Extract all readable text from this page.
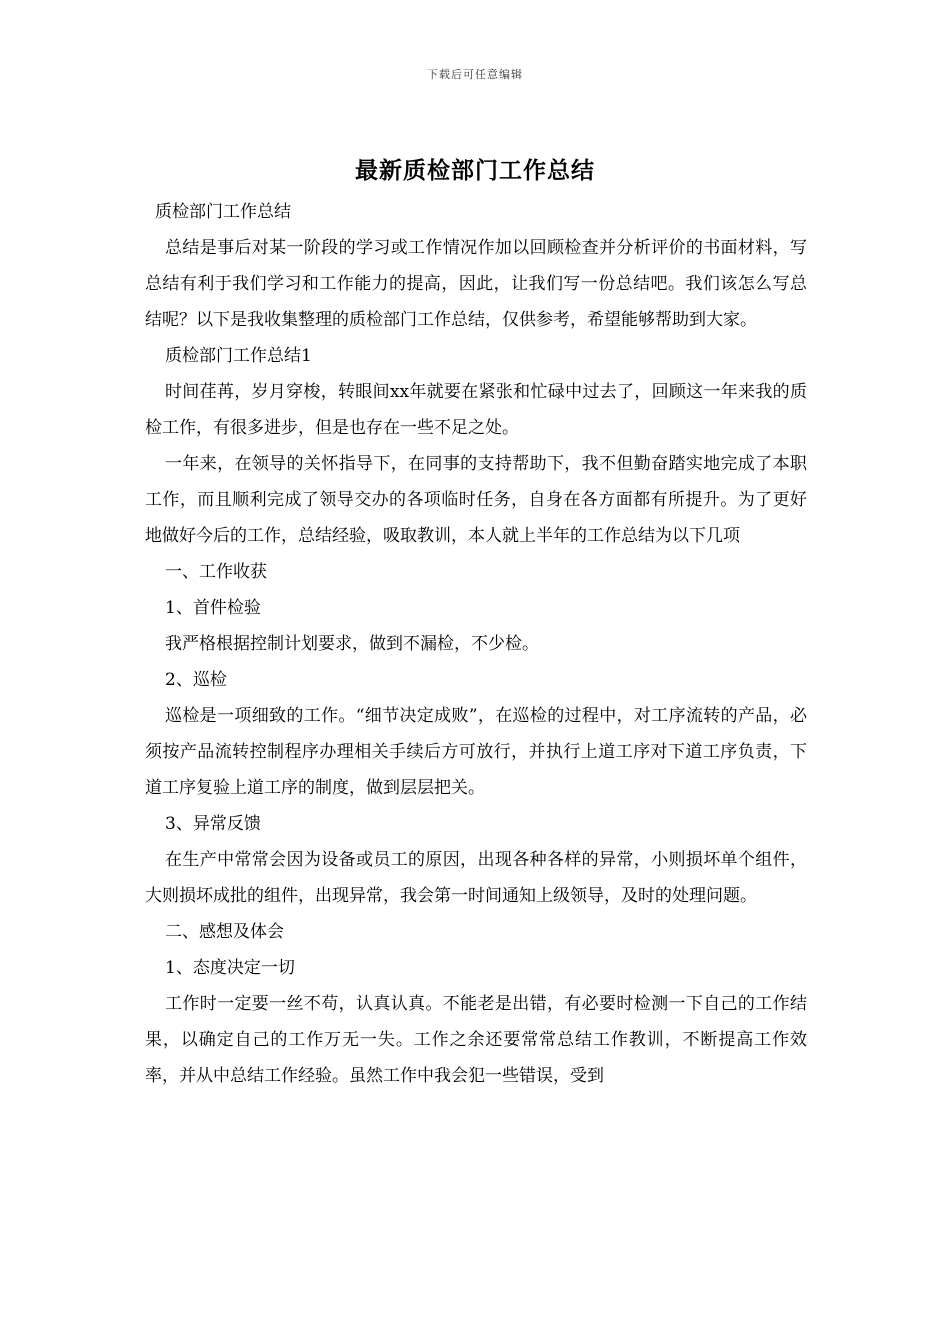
下载后可任意编辑
最新质检部门工作总结

质检部门工作总结

总结是事后对某一阶段的学习或工作情况作加以回顾检查并分析评价的书面材料，写总结有利于我们学习和工作能力的提高，因此，让我们写一份总结吧。我们该怎么写总结呢？以下是我收集整理的质检部门工作总结，仅供参考，希望能够帮助到大家。

质检部门工作总结1

时间荏苒，岁月穿梭，转眼间xx年就要在紧张和忙碌中过去了，回顾这一年来我的质检工作，有很多进步，但是也存在一些不足之处。

一年来，在领导的关怀指导下，在同事的支持帮助下，我不但勤奋踏实地完成了本职工作，而且顺利完成了领导交办的各项临时任务，自身在各方面都有所提升。为了更好地做好今后的工作，总结经验，吸取教训，本人就上半年的工作总结为以下几项

一、工作收获

1、首件检验

我严格根据控制计划要求，做到不漏检，不少检。

2、巡检

巡检是一项细致的工作。“细节决定成败”，在巡检的过程中，对工序流转的产品，必须按产品流转控制程序办理相关手续后方可放行，并执行上道工序对下道工序负责，下道工序复验上道工序的制度，做到层层把关。

3、异常反馈

在生产中常常会因为设备或员工的原因，出现各种各样的异常，小则损坏单个组件，大则损坏成批的组件，出现异常，我会第一时间通知上级领导，及时的处理问题。

二、感想及体会

1、态度决定一切

工作时一定要一丝不苟，认真认真。不能老是出错，有必要时检测一下自己的工作结果，以确定自己的工作万无一失。工作之余还要常常总结工作教训，不断提高工作效率，并从中总结工作经验。虽然工作中我会犯一些错误，受到
